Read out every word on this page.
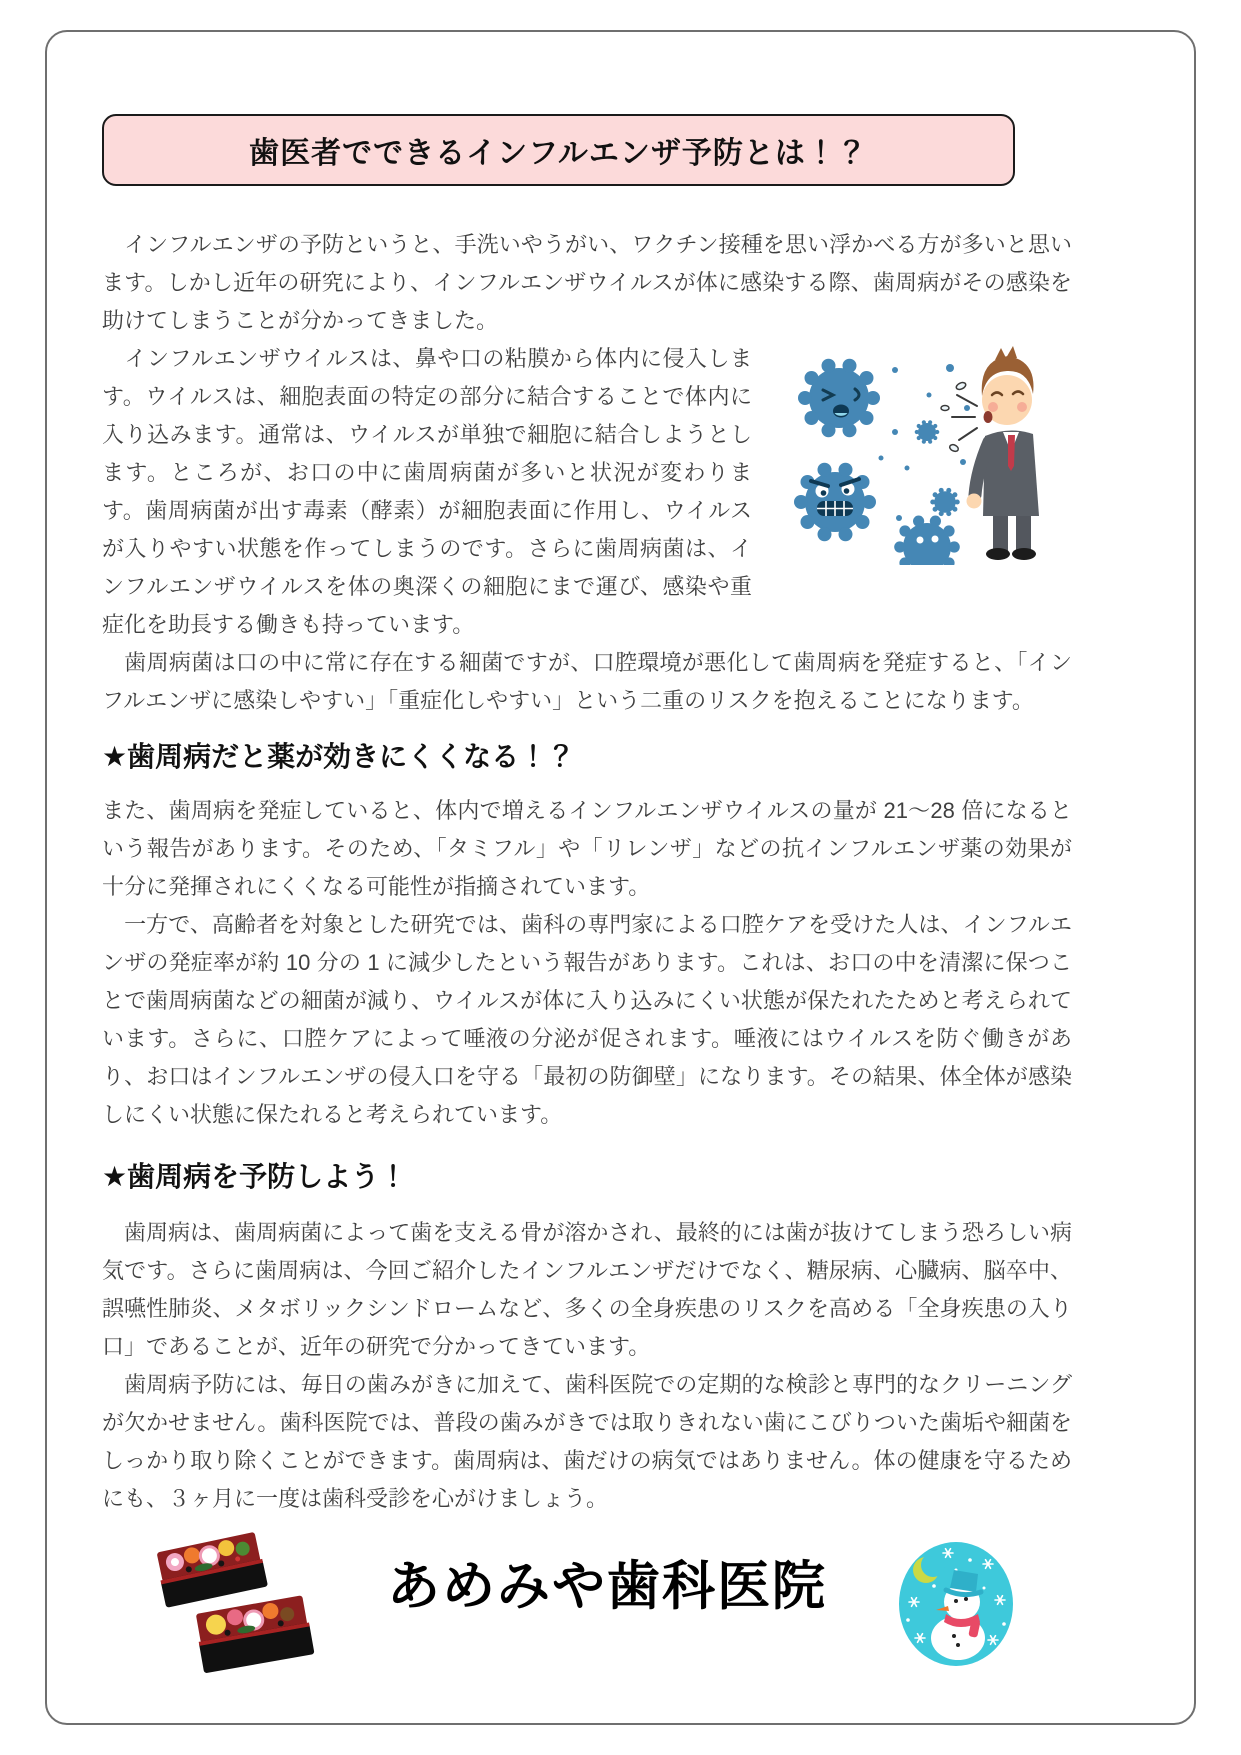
歯医者でできるインフルエンザ予防とは！？

　インフルエンザの予防というと、手洗いやうがい、ワクチン接種を思い浮かべる方が多いと思います。しかし近年の研究により、インフルエンザウイルスが体に感染する際、歯周病がその感染を助けてしまうことが分かってきました。

　インフルエンザウイルスは、鼻や口の粘膜から体内に侵入します。ウイルスは、細胞表面の特定の部分に結合することで体内に入り込みます。通常は、ウイルスが単独で細胞に結合しようとします。ところが、お口の中に歯周病菌が多いと状況が変わります。歯周病菌が出す毒素（酵素）が細胞表面に作用し、ウイルスが入りやすい状態を作ってしまうのです。さらに歯周病菌は、インフルエンザウイルスを体の奥深くの細胞にまで運び、感染や重症化を助長する働きも持っています。

　歯周病菌は口の中に常に存在する細菌ですが、口腔環境が悪化して歯周病を発症すると、「インフルエンザに感染しやすい」「重症化しやすい」という二重のリスクを抱えることになります。

★歯周病だと薬が効きにくくなる！？

また、歯周病を発症していると、体内で増えるインフルエンザウイルスの量が 21～28 倍になるという報告があります。そのため、「タミフル」や「リレンザ」などの抗インフルエンザ薬の効果が十分に発揮されにくくなる可能性が指摘されています。

　一方で、高齢者を対象とした研究では、歯科の専門家による口腔ケアを受けた人は、インフルエンザの発症率が約 10 分の 1 に減少したという報告があります。これは、お口の中を清潔に保つことで歯周病菌などの細菌が減り、ウイルスが体に入り込みにくい状態が保たれたためと考えられています。さらに、口腔ケアによって唾液の分泌が促されます。唾液にはウイルスを防ぐ働きがあり、お口はインフルエンザの侵入口を守る「最初の防御壁」になります。その結果、体全体が感染しにくい状態に保たれると考えられています。

★歯周病を予防しよう！

　歯周病は、歯周病菌によって歯を支える骨が溶かされ、最終的には歯が抜けてしまう恐ろしい病気です。さらに歯周病は、今回ご紹介したインフルエンザだけでなく、糖尿病、心臓病、脳卒中、誤嚥性肺炎、メタボリックシンドロームなど、多くの全身疾患のリスクを高める「全身疾患の入り口」であることが、近年の研究で分かってきています。

　歯周病予防には、毎日の歯みがきに加えて、歯科医院での定期的な検診と専門的なクリーニングが欠かせません。歯科医院では、普段の歯みがきでは取りきれない歯にこびりついた歯垢や細菌をしっかり取り除くことができます。歯周病は、歯だけの病気ではありません。体の健康を守るためにも、３ヶ月に一度は歯科受診を心がけましょう。

あめみや歯科医院
